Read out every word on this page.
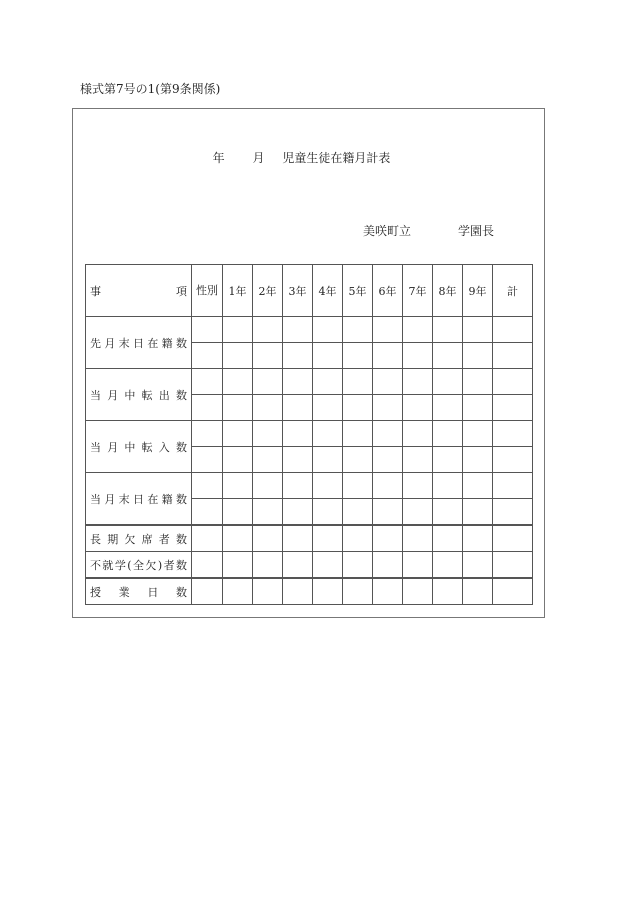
様式第7号の1(第9条関係)
年 月 児童生徒在籍月計表
美咲町立	学園長
事　　　　項	性別	1年	2年	3年	4年	5年	6年	7年	8年	9年	計
先月末日在籍数											

当月中転出数											

当月中転入数											

当月末日在籍数											

長期欠席者数											
不就学(全欠)者数											
授業日数											
